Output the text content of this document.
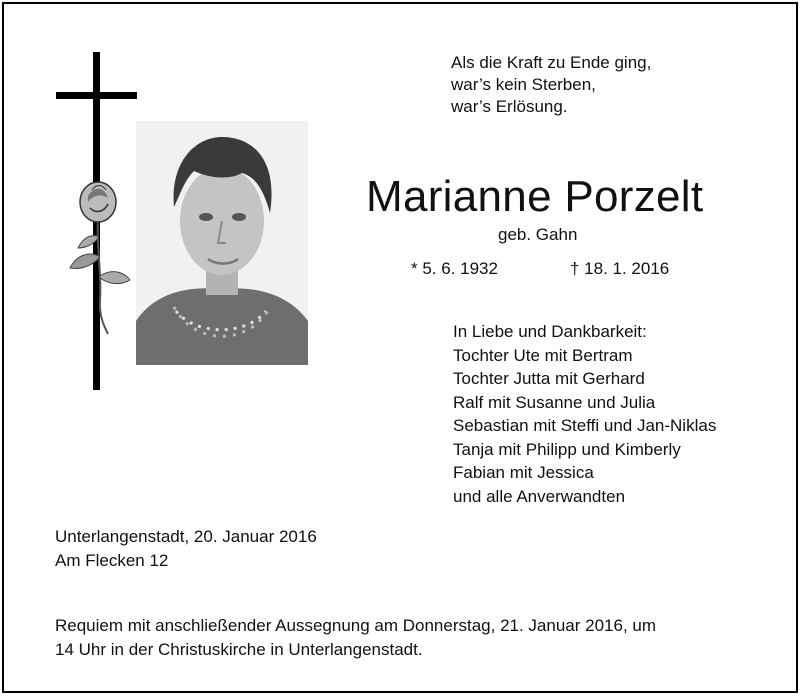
Als die Kraft zu Ende ging,
war’s kein Sterben,
war’s Erlösung.
Marianne Porzelt
geb. Gahn
* 5. 6. 1932	† 18. 1. 2016
In Liebe und Dankbarkeit:
Tochter Ute mit Bertram
Tochter Jutta mit Gerhard
Ralf mit Susanne und Julia
Sebastian mit Steffi und Jan-Niklas
Tanja mit Philipp und Kimberly
Fabian mit Jessica
und alle Anverwandten
Unterlangenstadt, 20. Januar 2016
Am Flecken 12
Requiem mit anschließender Aussegnung am Donnerstag, 21. Januar 2016, um
14 Uhr in der Christuskirche in Unterlangenstadt.
